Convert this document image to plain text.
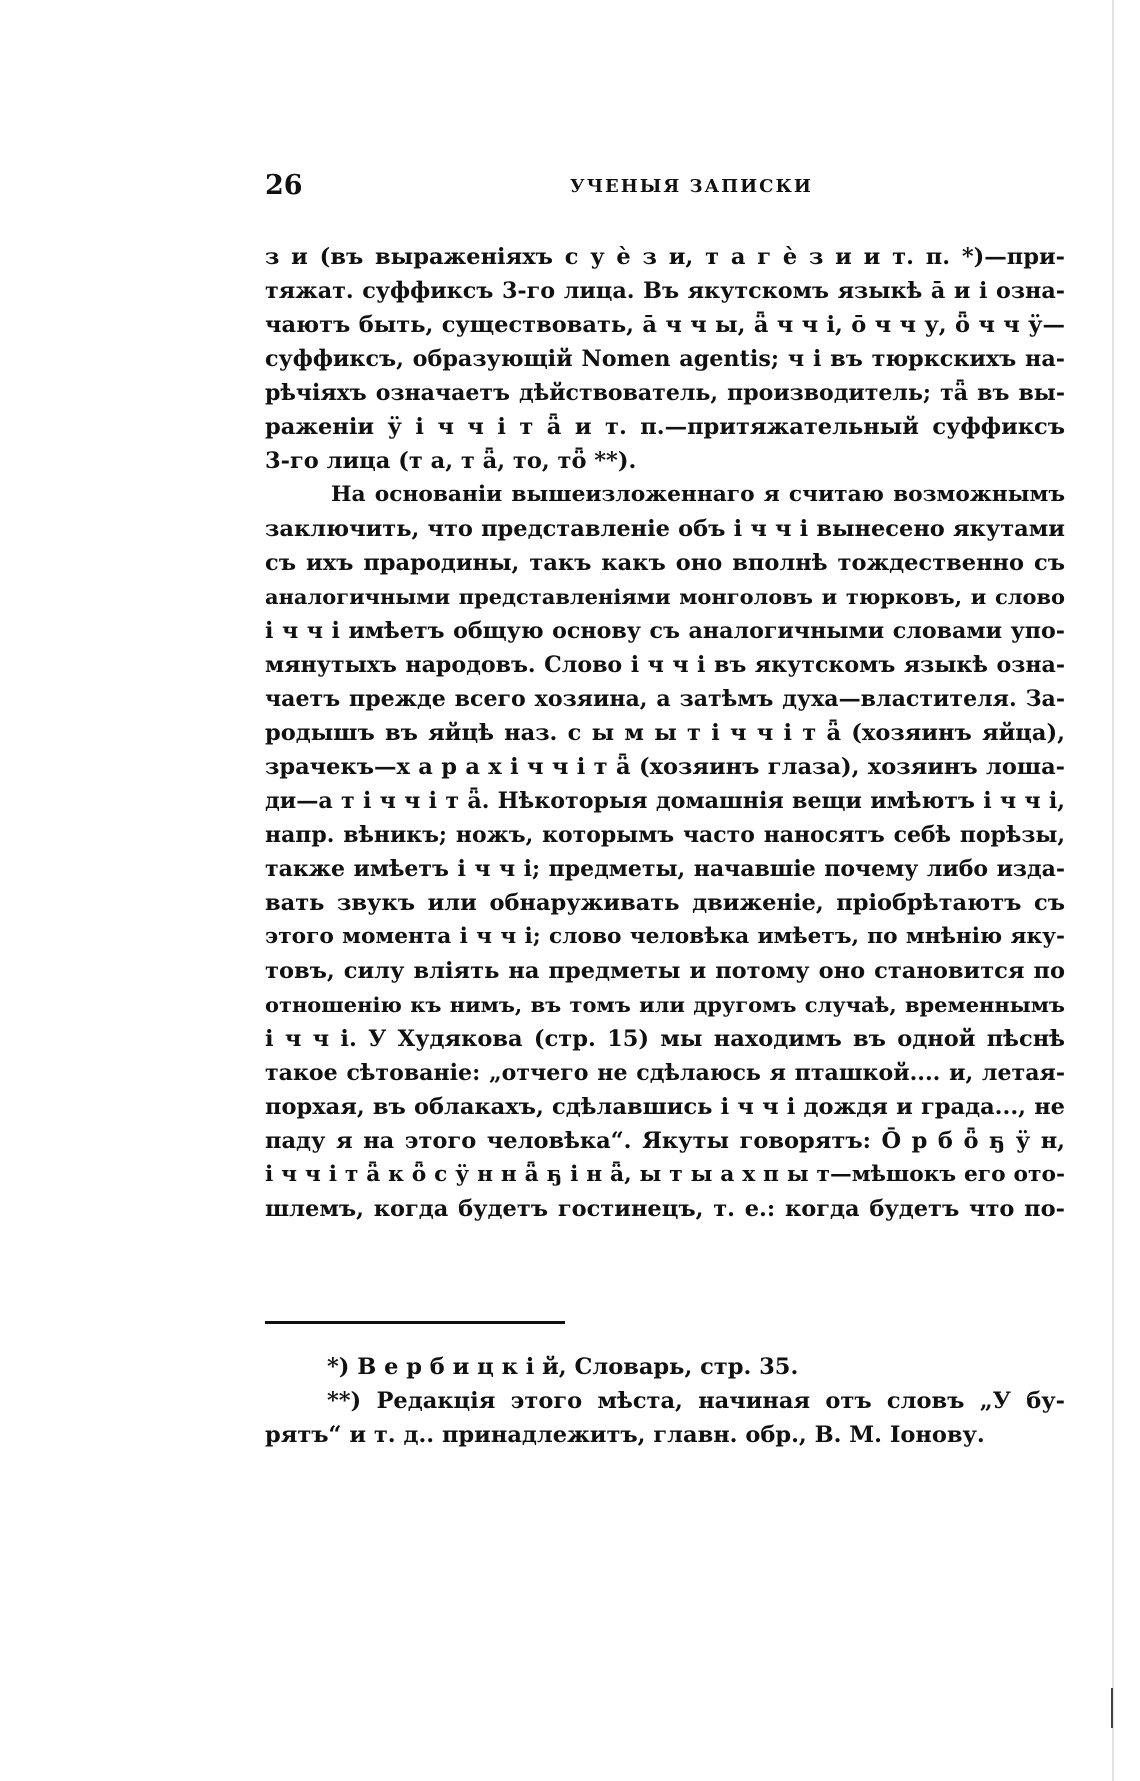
26	УЧЕНЫЯ ЗАПИСКИ
з и (въ выраженіяхъ с у ѐ з и, т а г ѐ з и и т. п. *)—при-
тяжат. суффиксъ 3-го лица. Въ якутскомъ языкѣ ā и і озна-
чаютъ быть, существовать, ā ч ч ы, ǟ ч ч і, ō ч ч у, ȫ ч ч ӱ—
суффиксъ, образующій Nomen agentis; ч і въ тюркскихъ на-
рѣчіяхъ означаетъ дѣйствователь, производитель; тǟ въ вы-
раженіи ӱ і ч ч і т ǟ и т. п.—притяжательный суффиксъ
3-го лица (т а, т ǟ, то, тȫ **).
На основаніи вышеизложеннаго я считаю возможнымъ
заключить, что представленіе объ і ч ч і вынесено якутами
съ ихъ прародины, такъ какъ оно вполнѣ тождественно съ
аналогичными представленіями монголовъ и тюрковъ, и слово
і ч ч і имѣетъ общую основу съ аналогичными словами упо-
мянутыхъ народовъ. Слово і ч ч і въ якутскомъ языкѣ озна-
чаетъ прежде всего хозяина, а затѣмъ духа—властителя. За-
родышъ въ яйцѣ наз. с ы м ы т і ч ч і т ǟ (хозяинъ яйца),
зрачекъ—х а р а х і ч ч і т ǟ (хозяинъ глаза), хозяинъ лоша-
ди—а т і ч ч і т ǟ. Нѣкоторыя домашнія вещи имѣютъ і ч ч і,
напр. вѣникъ; ножъ, которымъ часто наносятъ себѣ порѣзы,
также имѣетъ і ч ч і; предметы, начавшіе почему либо изда-
вать звукъ или обнаруживать движеніе, пріобрѣтаютъ съ
этого момента і ч ч і; слово человѣка имѣетъ, по мнѣнію яку-
товъ, силу вліять на предметы и потому оно становится по
отношенію къ нимъ, въ томъ или другомъ случаѣ, временнымъ
і ч ч і. У Худякова (стр. 15) мы находимъ въ одной пѣснѣ
такое сѣтованіе: „отчего не сдѣлаюсь я пташкой.... и, летая-
порхая, въ облакахъ, сдѣлавшись і ч ч і дождя и града..., не
паду я на этого человѣка“. Якуты говорятъ: Ō р б ȫ ҕ ӱ н,
і ч ч і т ǟ к ȫ с ӱ н н ǟ ҕ і н ǟ, ы т ы а х п ы т—мѣшокъ его ото-
шлемъ, когда будетъ гостинецъ, т. е.: когда будетъ что по-
*) В е р б и ц к і й, Словарь, стр. 35.
**) Редакція этого мѣста, начиная отъ словъ „У бу-
рятъ“ и т. д.. принадлежитъ, главн. обр., В. М. Іонову.
